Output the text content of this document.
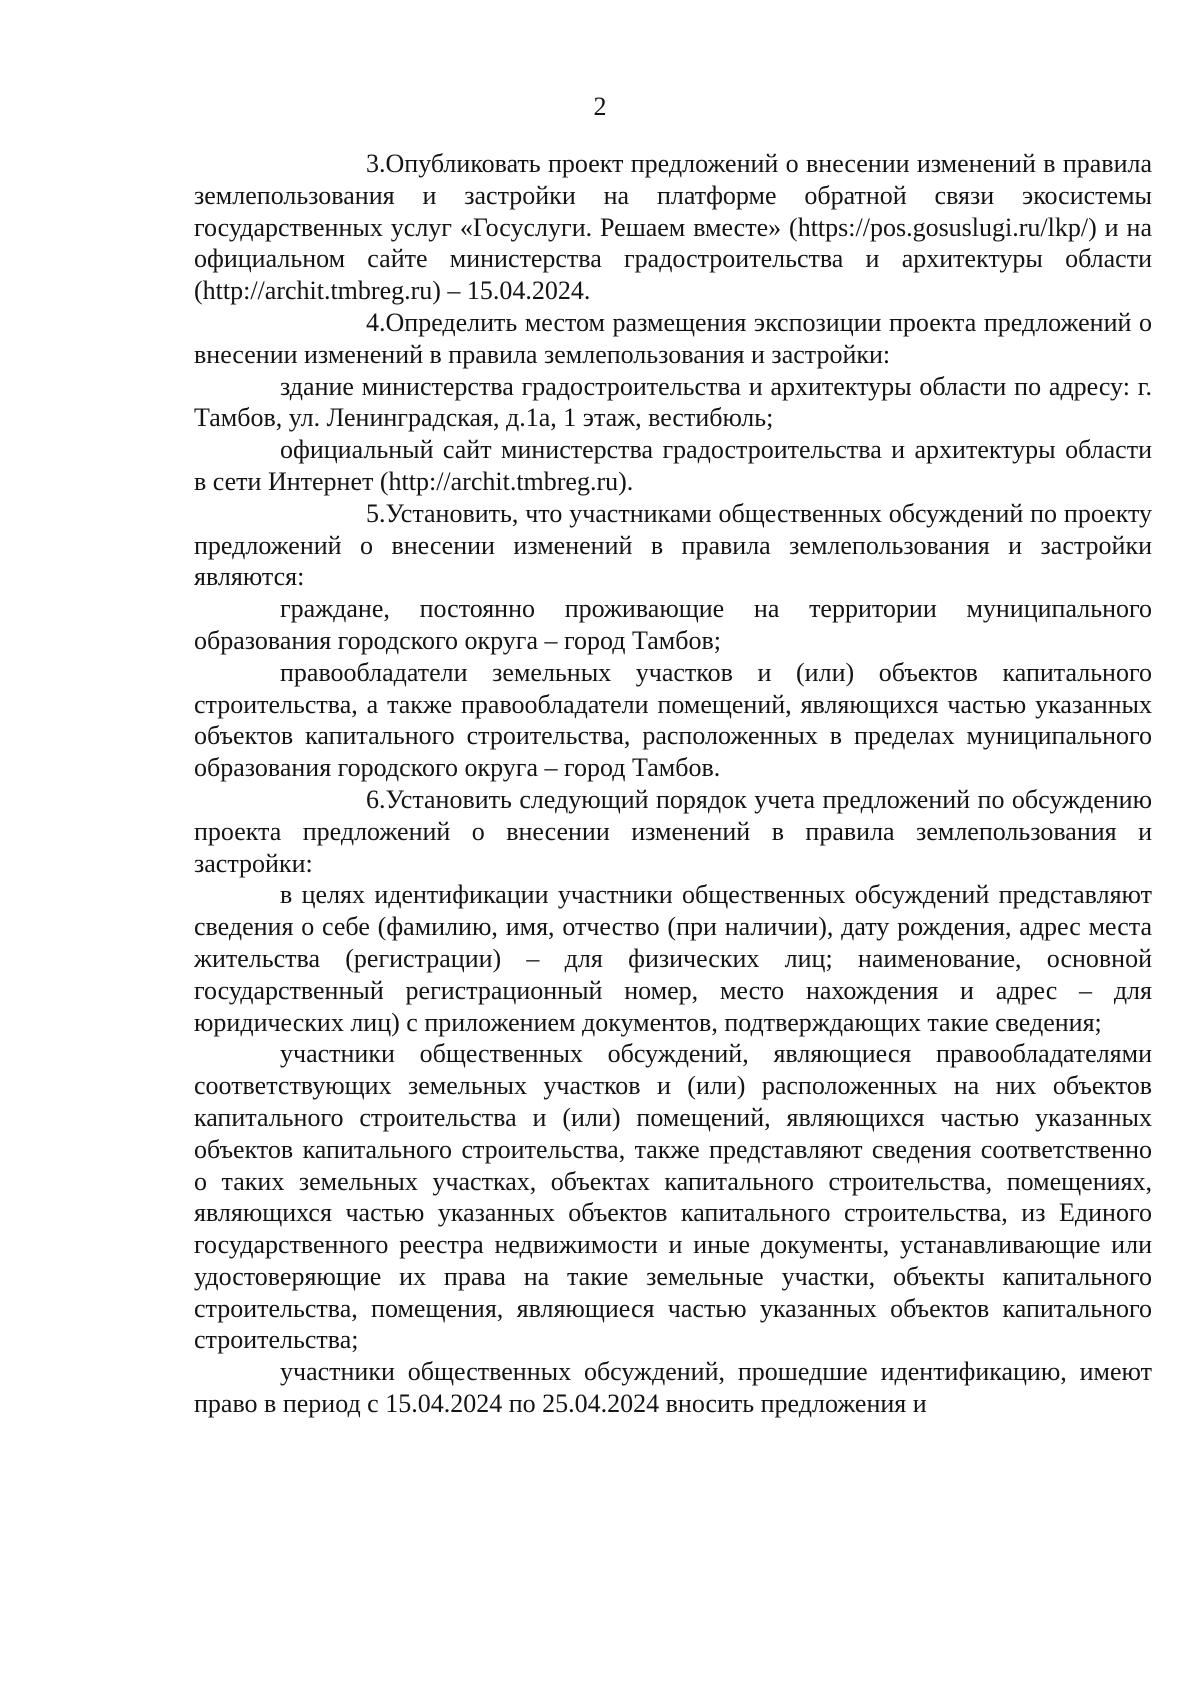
2

3.Опубликовать проект предложений о внесении изменений в правила землепользования и застройки на платформе обратной связи экосистемы государственных услуг «Госуслуги. Решаем вместе» (https://pos.gosuslugi.ru/lkp/) и на официальном сайте министерства градостроительства и архитектуры области (http://archit.tmbreg.ru) – 15.04.2024.

4.Определить местом размещения экспозиции проекта предложений о внесении изменений в правила землепользования и застройки:

здание министерства градостроительства и архитектуры области по адресу: г. Тамбов, ул. Ленинградская, д.1а, 1 этаж, вестибюль;

официальный сайт министерства градостроительства и архитектуры области в сети Интернет (http://archit.tmbreg.ru).

5.Установить, что участниками общественных обсуждений по проекту предложений о внесении изменений в правила землепользования и застройки являются:

граждане, постоянно проживающие на территории муниципального образования городского округа – город Тамбов;

правообладатели земельных участков и (или) объектов капитального строительства, а также правообладатели помещений, являющихся частью указанных объектов капитального строительства, расположенных в пределах муниципального образования городского округа – город Тамбов.

6.Установить следующий порядок учета предложений по обсуждению проекта предложений о внесении изменений в правила землепользования и застройки:

в целях идентификации участники общественных обсуждений представляют сведения о себе (фамилию, имя, отчество (при наличии), дату рождения, адрес места жительства (регистрации) – для физических лиц; наименование, основной государственный регистрационный номер, место нахождения и адрес – для юридических лиц) с приложением документов, подтверждающих такие сведения;

участники общественных обсуждений, являющиеся правообладателями соответствующих земельных участков и (или) расположенных на них объектов капитального строительства и (или) помещений, являющихся частью указанных объектов капитального строительства, также представляют сведения соответственно о таких земельных участках, объектах капитального строительства, помещениях, являющихся частью указанных объектов капитального строительства, из Единого государственного реестра недвижимости и иные документы, устанавливающие или удостоверяющие их права на такие земельные участки, объекты капитального строительства, помещения, являющиеся частью указанных объектов капитального строительства;

участники общественных обсуждений, прошедшие идентификацию, имеют право в период с 15.04.2024 по 25.04.2024 вносить предложения и
